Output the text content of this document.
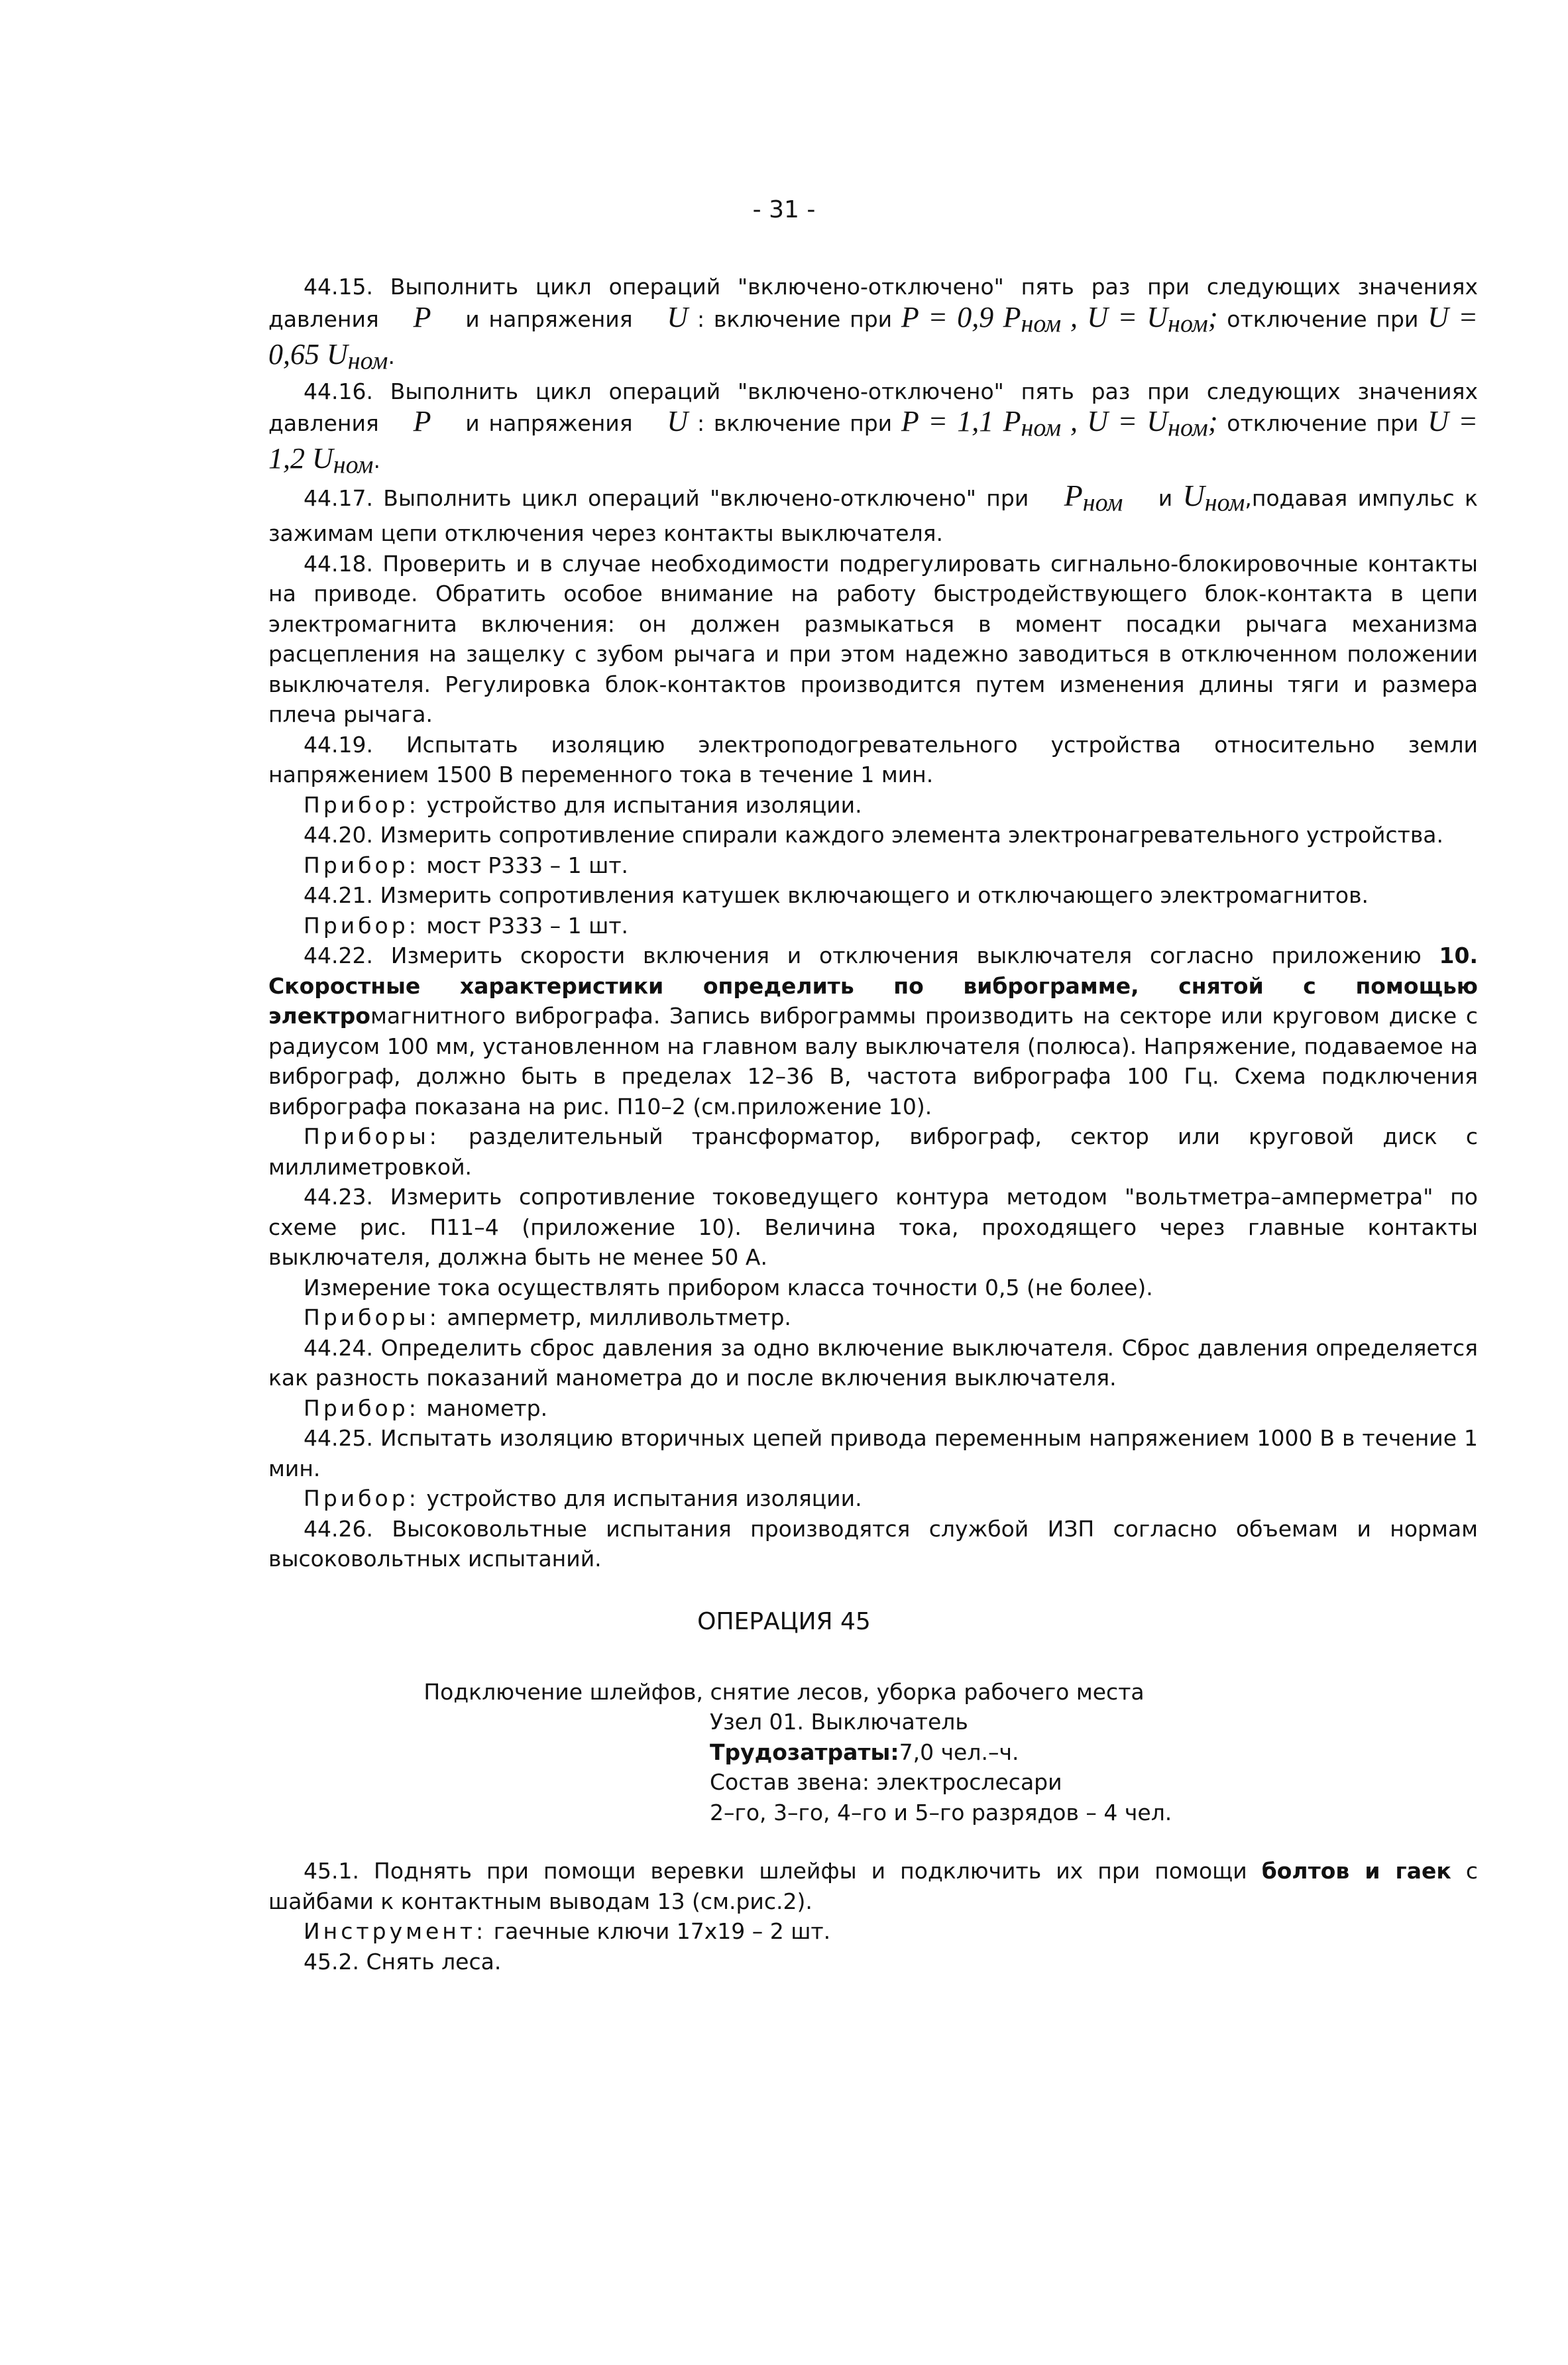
- 31 -

44.15. Выполнить цикл операций "включено-отключено" пять раз при следующих значениях давления P и напряжения U : включение при P = 0,9 $P_{ном}$ , $U = U_{ном}$; отключение при U = 0,65 $U_{ном}$.

44.16. Выполнить цикл операций "включено-отключено" пять раз при следующих значениях давления P и напряжения U : включение при P = 1,1 $P_{ном}$ , $U = U_{ном}$; отключение при U = 1,2 $U_{ном}$.

44.17. Выполнить цикл операций "включено-отключено" при $P_{ном}$ и $U_{ном},подавая$ импульс к зажимам цепи отключения через контакты выключателя.

44.18. Проверить и в случае необходимости подрегулировать сигнально-блокировочные контакты на приводе. Обратить особое внимание на работу быстродействующего блок-контакта в цепи электромагнита включения: он должен размыкаться в момент посадки рычага механизма расцепления на защелку с зубом рычага и при этом надежно заводиться в отключенном положении выключателя. Регулировка блок-контактов производится путем изменения длины тяги и размера плеча рычага.

44.19. Испытать изоляцию электроподогревательного устройства относительно земли напряжением 1500 В переменного тока в течение 1 мин.

Прибор: устройство для испытания изоляции.

44.20. Измерить сопротивление спирали каждого элемента электронагревательного устройства.

Прибор: мост Р333 – 1 шт.

44.21. Измерить сопротивления катушек включающего и отключающего электромагнитов.

Прибор: мост Р333 – 1 шт.

44.22. Измерить скорости включения и отключения выключателя согласно приложению 10. Скоростные характеристики определить по виброграмме, снятой с помощью электромагнитного вибрографа. Запись виброграммы производить на секторе или круговом диске с радиусом 100 мм, установленном на главном валу выключателя (полюса). Напряжение, подаваемое на виброграф, должно быть в пределах 12–36 В, частота вибрографа 100 Гц. Схема подключения вибрографа показана на рис. П10–2 (см.приложение 10).

Приборы: разделительный трансформатор, виброграф, сектор или круговой диск с миллиметровкой.

44.23. Измерить сопротивление токоведущего контура методом "вольтметра–амперметра" по схеме рис. П11–4 (приложение 10). Величина тока, проходящего через главные контакты выключателя, должна быть не менее 50 А.

Измерение тока осуществлять прибором класса точности 0,5 (не более).

Приборы: амперметр, милливольтметр.

44.24. Определить сброс давления за одно включение выключателя. Сброс давления определяется как разность показаний манометра до и после включения выключателя.

Прибор: манометр.

44.25. Испытать изоляцию вторичных цепей привода переменным напряжением 1000 В в течение 1 мин.

Прибор: устройство для испытания изоляции.

44.26. Высоковольтные испытания производятся службой ИЗП согласно объемам и нормам высоковольтных испытаний.

ОПЕРАЦИЯ 45
Подключение шлейфов, снятие лесов, уборка рабочего места
Узел 01. Выключатель
Трудозатраты:7,0 чел.–ч.
Состав звена: электрослесари
2–го, 3–го, 4–го и 5–го разрядов – 4 чел.

45.1. Поднять при помощи веревки шлейфы и подключить их при помощи болтов и гаек с шайбами к контактным выводам 13 (см.рис.2).

Инструмент: гаечные ключи 17х19 – 2 шт.

45.2. Снять леса.
